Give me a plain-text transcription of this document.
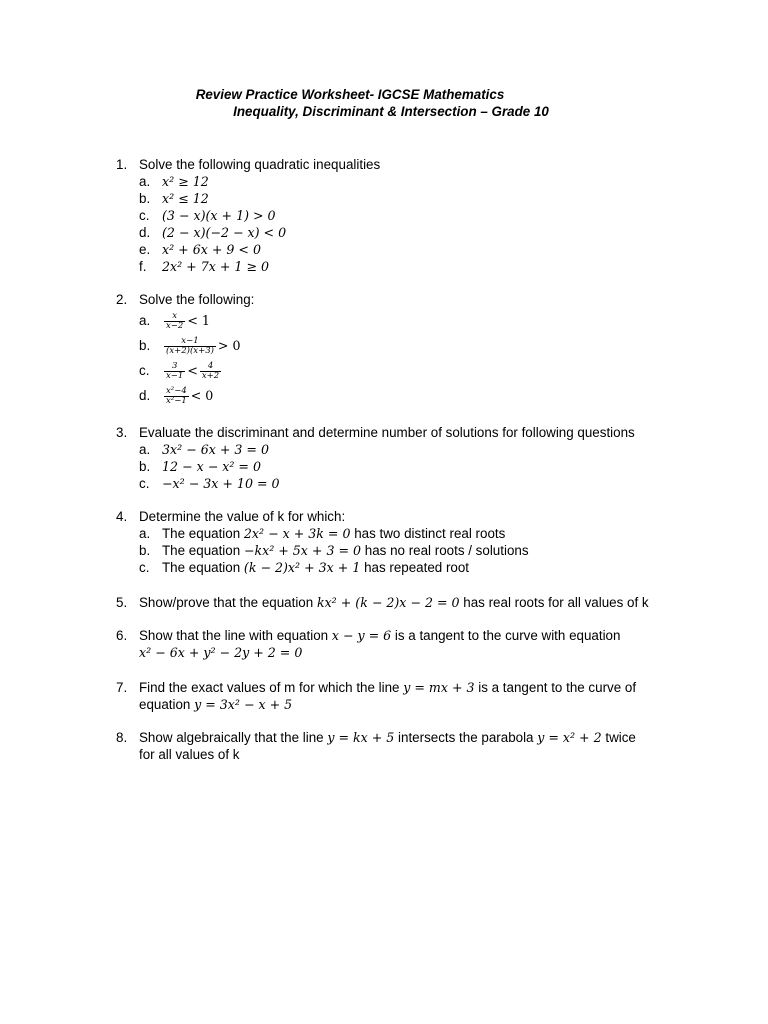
Review Practice Worksheet- IGCSE Mathematics
Inequality, Discriminant & Intersection – Grade 10
1. Solve the following quadratic inequalities
a. x² ≥ 12
b. x² ≤ 12
c. (3 − x)(x + 1) > 0
d. (2 − x)(−2 − x) < 0
e. x² + 6x + 9 < 0
f. 2x² + 7x + 1 ≥ 0
2. Solve the following:
a. $\frac{x}{x-2} < 1$
b. $\frac{x-1}{(x+2)(x+3)} > 0$
c. $\frac{3}{x-1} < \frac{4}{x+2}$
d. $\frac{\text{x²−4}}{\text{x²−1}} < 0$
3. Evaluate the discriminant and determine number of solutions for following questions
a. 3x² − 6x + 3 = 0
b. 12 − x − x² = 0
c. −x² − 3x + 10 = 0
4. Determine the value of k for which:
a. The equation 2x² − x + 3k = 0 has two distinct real roots
b. The equation −kx² + 5x + 3 = 0 has no real roots / solutions
c. The equation (k − 2)x² + 3x + 1 has repeated root
5. Show/prove that the equation kx² + (k − 2)x − 2 = 0 has real roots for all values of k
6. Show that the line with equation x − y = 6 is a tangent to the curve with equation
x² − 6x + y² − 2y + 2 = 0
7. Find the exact values of m for which the line y = mx + 3 is a tangent to the curve of
equation y = 3x² − x + 5
8. Show algebraically that the line y = kx + 5 intersects the parabola y = x² + 2 twice
for all values of k
